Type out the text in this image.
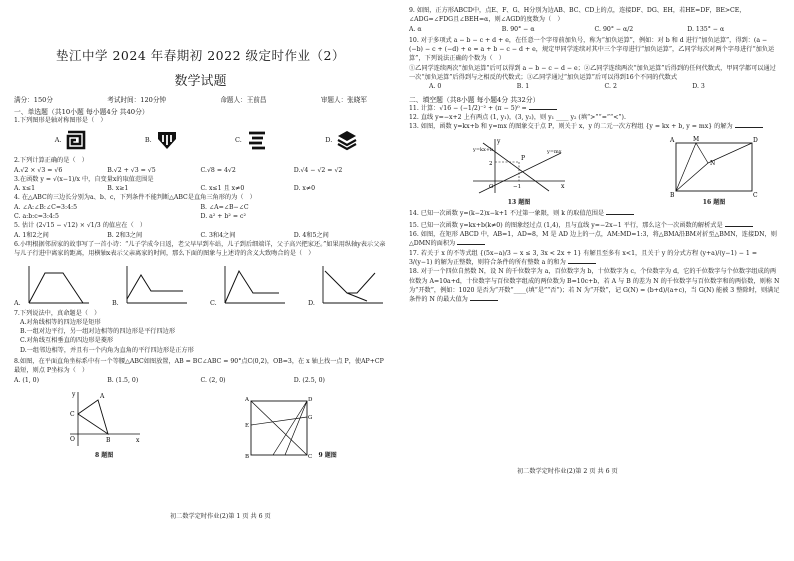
垫江中学 2024 年春期初 2022 级定时作业（2）
数学试题
满分：150分	考试时间：120分钟	命题人：王前昌	审题人：张晓军
一、单选题（共10小题 每小题4分 共40分）
1.下列图形是轴对称图形是（　）
A.	B.	C.	D.
2.下列计算正确的是（　）
A.√2 × √3 = √6	B.√2 + √3 = √5	C.√8 = 4√2	D.√4 − √2 = √2
3.在函数 y = √(x−1)/x 中，自变量x的取值范围是
A. x≤1	B. x≥1	C. x≤1 且 x≠0	D. x≠0
4. 在△ABC的三边长分别为a、b、c，下列条件不能判断△ABC是直角三角形的为（　）
A. ∠A:∠B:∠C=3:4:5	B. ∠A=∠B−∠C
C. a:b:c=3:4:5	D. a² + b² = c²
5. 估计 (2√15 − √12) × √1/3 的值应在（　）
A. 1和2之间	B. 2和3之间	C. 3和4之间	D. 4和5之间
6.小明根据邻居家的故事写了一首小诗：“儿子学成今日返，老父早早到车站，儿子到后细端详，父子高兴把家还。”如果用纵轴y表示父亲与儿子行进中离家的距离，用横轴x表示父亲离家的时间，那么下面的图象与上述诗的含义大致吻合的是（　）
A.	B.	C.	D.
7.下列说法中，真命题是（　）
A.对角线相等的四边形是矩形
B.一组对边平行，另一组对边相等的四边形是平行四边形
C.对角线互相垂直的四边形是菱形
D.一组邻边相等，并且有一个内角为直角的平行四边形是正方形
8.如图，在平面直角坐标系中有一个等腰△ABC如图放置，AB = BC∠ABC = 90°点C(0,2)，OB=3，在 x 轴上找一点 P，使AP+CP 最短，则点 P坐标为（　）
A. (1, 0)	B. (1.5, 0)	C. (2, 0)	D. (2.5, 0)
y	A
C
O	B	x
8 题图
A	D
E
G
B	C 9 题图
初二数学定时作业(2)第 1 页 共 6 页
9. 如图，正方形ABCD中，点E、F、G、H分别为边AB、BC、CD上的点，连接DF、DG、EH，若HE=DF，BE>CE，∠ADG=∠FDG且∠BEH=α，则∠AGD的度数为（　）
A. α	B. 90° − α	C. 90° − α/2	D. 135° − α
10. 对于多项式 a − b − c + d + e，在任意一个字母前加负号，称为“加负运算”，例如：对 b 和 d 进行“加负运算”，得到：(a − (−b) − c + (−d) + e = a + b − c − d + e，规定甲同学连续对其中三个字母进行“加负运算”，乙同学每次对两个字母进行“加负运算”，下列说法正确的个数为（　）
①乙同学连续两次“加负运算”后可以得到 a − b − c − d − e；②乙同学连续两次“加负运算”后得到的任何代数式，甲同学都可以通过一次“加负运算”后得到与之相反的代数式；③乙同学通过“加负运算”后可以得到16个不同的代数式
A. 0	B. 1	C. 2	D. 3
二、填空题（共8小题 每小题4分 共32分）
11. 计算：√16 − (−1/2)⁻² + (π − 5)⁰ =
12. 直线 y=−x+2 上有两点 (1, y₁)，(3, y₂)，则 y₁ ____ y₂ (填“>”“=”“<”).
13. 如图，函数 y=kx+b 和 y=mx 的图象交于点 P，则关于 x，y 的二元一次方程组 {y = kx + b, y = mx} 的解为
y
y=kx+b	y=mx
P
2
O	x
−1
13 题图
A	M	D
N
B	C
16 题图
14. 已知一次函数 y=(k−2)x−k+1 不过第一象限，则 k 的取值范围是
15. 已知一次函数 y=kx+b(k≠0) 的图象经过点 (1,4)，且与直线 y=−2x−1 平行，那么这个一次函数的解析式是
16. 如图，在矩形 ABCD 中，AB=1，AD=8，M 是 AD 边上的一点，AM:MD=1:3，将△BMA沿BM对折至△BMN，连接DN，则△DMN的面积为
17. 若关于 x 的不等式组 {(5x−a)/3 − x ≤ 3, 3x < 2x + 1} 有解且至多有 x<1，且关于 y 的分式方程 (y+a)/(y−1) − 1 = 3/(y−1) 的解为正整数，则符合条件的所有整数 a 的和为
18. 对于一个四位自然数 N，设 N 的千位数字为 a，百位数字为 b，十位数字为 c，个位数字为 d，它的千位数字与个位数字组成的两位数为 A=10a+d，十位数字与百位数字组成的两位数为 B=10c+b，若 A 与 B 的差为 N 的千位数字与百位数字和的两倍数，则称 N 为“开数”，例如：1020 是否为“开数”____(填“是”“否”)；若 N 为“开数”，记 G(N) = (b+d)/(a+c)，当 G(N) 能被 3 整除时，则满足条件的 N 的最大值为
初二数学定时作业(2)第 2 页 共 6 页
